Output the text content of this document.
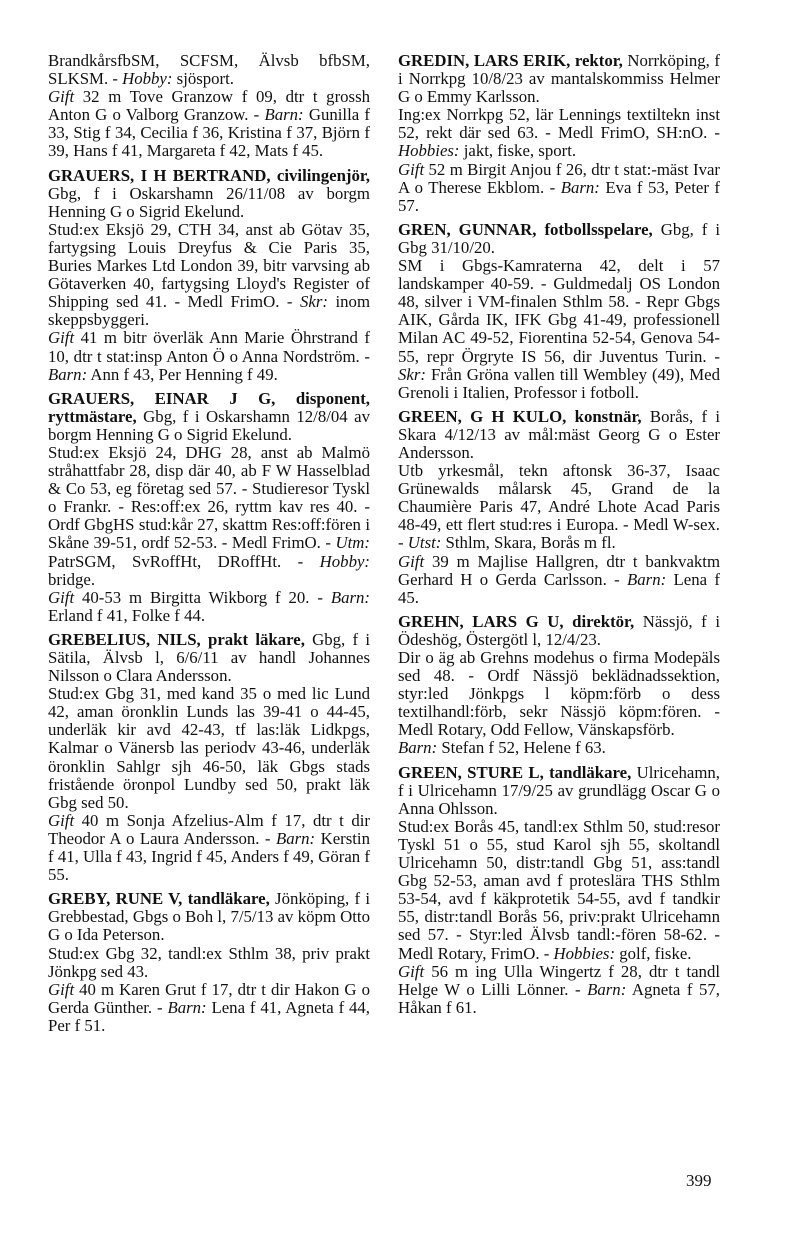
BrandkårsfbSM, SCFSM, Älvsb bfbSM, SLKSM. - Hobby: sjösport.
Gift 32 m Tove Granzow f 09, dtr t grossh Anton G o Valborg Granzow. - Barn: Gunilla f 33, Stig f 34, Cecilia f 36, Kristina f 37, Björn f 39, Hans f 41, Margareta f 42, Mats f 45.
GRAUERS, I H BERTRAND, civilingenjör, Gbg, f i Oskarshamn 26/11/08 av borgm Henning G o Sigrid Ekelund.
Stud:ex Eksjö 29, CTH 34, anst ab Götav 35, fartygsing Louis Dreyfus & Cie Paris 35, Buries Markes Ltd London 39, bitr varvsing ab Götaverken 40, fartygsing Lloyd's Register of Shipping sed 41. - Medl FrimO. - Skr: inom skeppsbyggeri.
Gift 41 m bitr överläk Ann Marie Öhrstrand f 10, dtr t stat:insp Anton Ö o Anna Nordström. - Barn: Ann f 43, Per Henning f 49.
GRAUERS, EINAR J G, disponent, ryttmästare, Gbg, f i Oskarshamn 12/8/04 av borgm Henning G o Sigrid Ekelund.
Stud:ex Eksjö 24, DHG 28, anst ab Malmö stråhattfabr 28, disp där 40, ab F W Hasselblad & Co 53, eg företag sed 57. - Studieresor Tyskl o Frankr. - Res:off:ex 26, ryttm kav res 40. - Ordf GbgHS stud:kår 27, skattm Res:off:fören i Skåne 39-51, ordf 52-53. - Medl FrimO. - Utm: PatrSGM, SvRoffHt, DRoffHt. - Hobby: bridge.
Gift 40-53 m Birgitta Wikborg f 20. - Barn: Erland f 41, Folke f 44.
GREBELIUS, NILS, prakt läkare, Gbg, f i Sätila, Älvsb l, 6/6/11 av handl Johannes Nilsson o Clara Andersson.
Stud:ex Gbg 31, med kand 35 o med lic Lund 42, aman öronklin Lunds las 39-41 o 44-45, underläk kir avd 42-43, tf las:läk Lidkpgs, Kalmar o Vänersb las periodv 43-46, underläk öronklin Sahlgr sjh 46-50, läk Gbgs stads fristående öronpol Lundby sed 50, prakt läk Gbg sed 50.
Gift 40 m Sonja Afzelius-Alm f 17, dtr t dir Theodor A o Laura Andersson. - Barn: Kerstin f 41, Ulla f 43, Ingrid f 45, Anders f 49, Göran f 55.
GREBY, RUNE V, tandläkare, Jönköping, f i Grebbestad, Gbgs o Boh l, 7/5/13 av köpm Otto G o Ida Peterson.
Stud:ex Gbg 32, tandl:ex Sthlm 38, priv prakt Jönkpg sed 43.
Gift 40 m Karen Grut f 17, dtr t dir Hakon G o Gerda Günther. - Barn: Lena f 41, Agneta f 44, Per f 51.
GREDIN, LARS ERIK, rektor, Norrköping, f i Norrkpg 10/8/23 av mantalskommiss Helmer G o Emmy Karlsson.
Ing:ex Norrkpg 52, lär Lennings textiltekn inst 52, rekt där sed 63. - Medl FrimO, SH:nO. - Hobbies: jakt, fiske, sport.
Gift 52 m Birgit Anjou f 26, dtr t stat:-mäst Ivar A o Therese Ekblom. - Barn: Eva f 53, Peter f 57.
GREN, GUNNAR, fotbollsspelare, Gbg, f i Gbg 31/10/20.
SM i Gbgs-Kamraterna 42, delt i 57 landskamper 40-59. - Guldmedalj OS London 48, silver i VM-finalen Sthlm 58. - Repr Gbgs AIK, Gårda IK, IFK Gbg 41-49, professionell Milan AC 49-52, Fiorentina 52-54, Genova 54-55, repr Örgryte IS 56, dir Juventus Turin. - Skr: Från Gröna vallen till Wembley (49), Med Grenoli i Italien, Professor i fotboll.
GREEN, G H KULO, konstnär, Borås, f i Skara 4/12/13 av mål:mäst Georg G o Ester Andersson.
Utb yrkesmål, tekn aftonsk 36-37, Isaac Grünewalds målarsk 45, Grand de la Chaumière Paris 47, André Lhote Acad Paris 48-49, ett flert stud:res i Europa. - Medl W-sex. - Utst: Sthlm, Skara, Borås m fl.
Gift 39 m Majlise Hallgren, dtr t bankvaktm Gerhard H o Gerda Carlsson. - Barn: Lena f 45.
GREHN, LARS G U, direktör, Nässjö, f i Ödeshög, Östergötl l, 12/4/23.
Dir o äg ab Grehns modehus o firma Modepäls sed 48. - Ordf Nässjö beklädnadssektion, styr:led Jönkpgs l köpm:förb o dess textilhandl:förb, sekr Nässjö köpm:fören. - Medl Rotary, Odd Fellow, Vänskapsförb.
Barn: Stefan f 52, Helene f 63.
GREEN, STURE L, tandläkare, Ulricehamn, f i Ulricehamn 17/9/25 av grundlägg Oscar G o Anna Ohlsson.
Stud:ex Borås 45, tandl:ex Sthlm 50, stud:resor Tyskl 51 o 55, stud Karol sjh 55, skoltandl Ulricehamn 50, distr:tandl Gbg 51, ass:tandl Gbg 52-53, aman avd f proteslära THS Sthlm 53-54, avd f käkprotetik 54-55, avd f tandkir 55, distr:tandl Borås 56, priv:prakt Ulricehamn sed 57. - Styr:led Älvsb tandl:-fören 58-62. - Medl Rotary, FrimO. - Hobbies: golf, fiske.
Gift 56 m ing Ulla Wingertz f 28, dtr t tandl Helge W o Lilli Lönner. - Barn: Agneta f 57, Håkan f 61.
399
